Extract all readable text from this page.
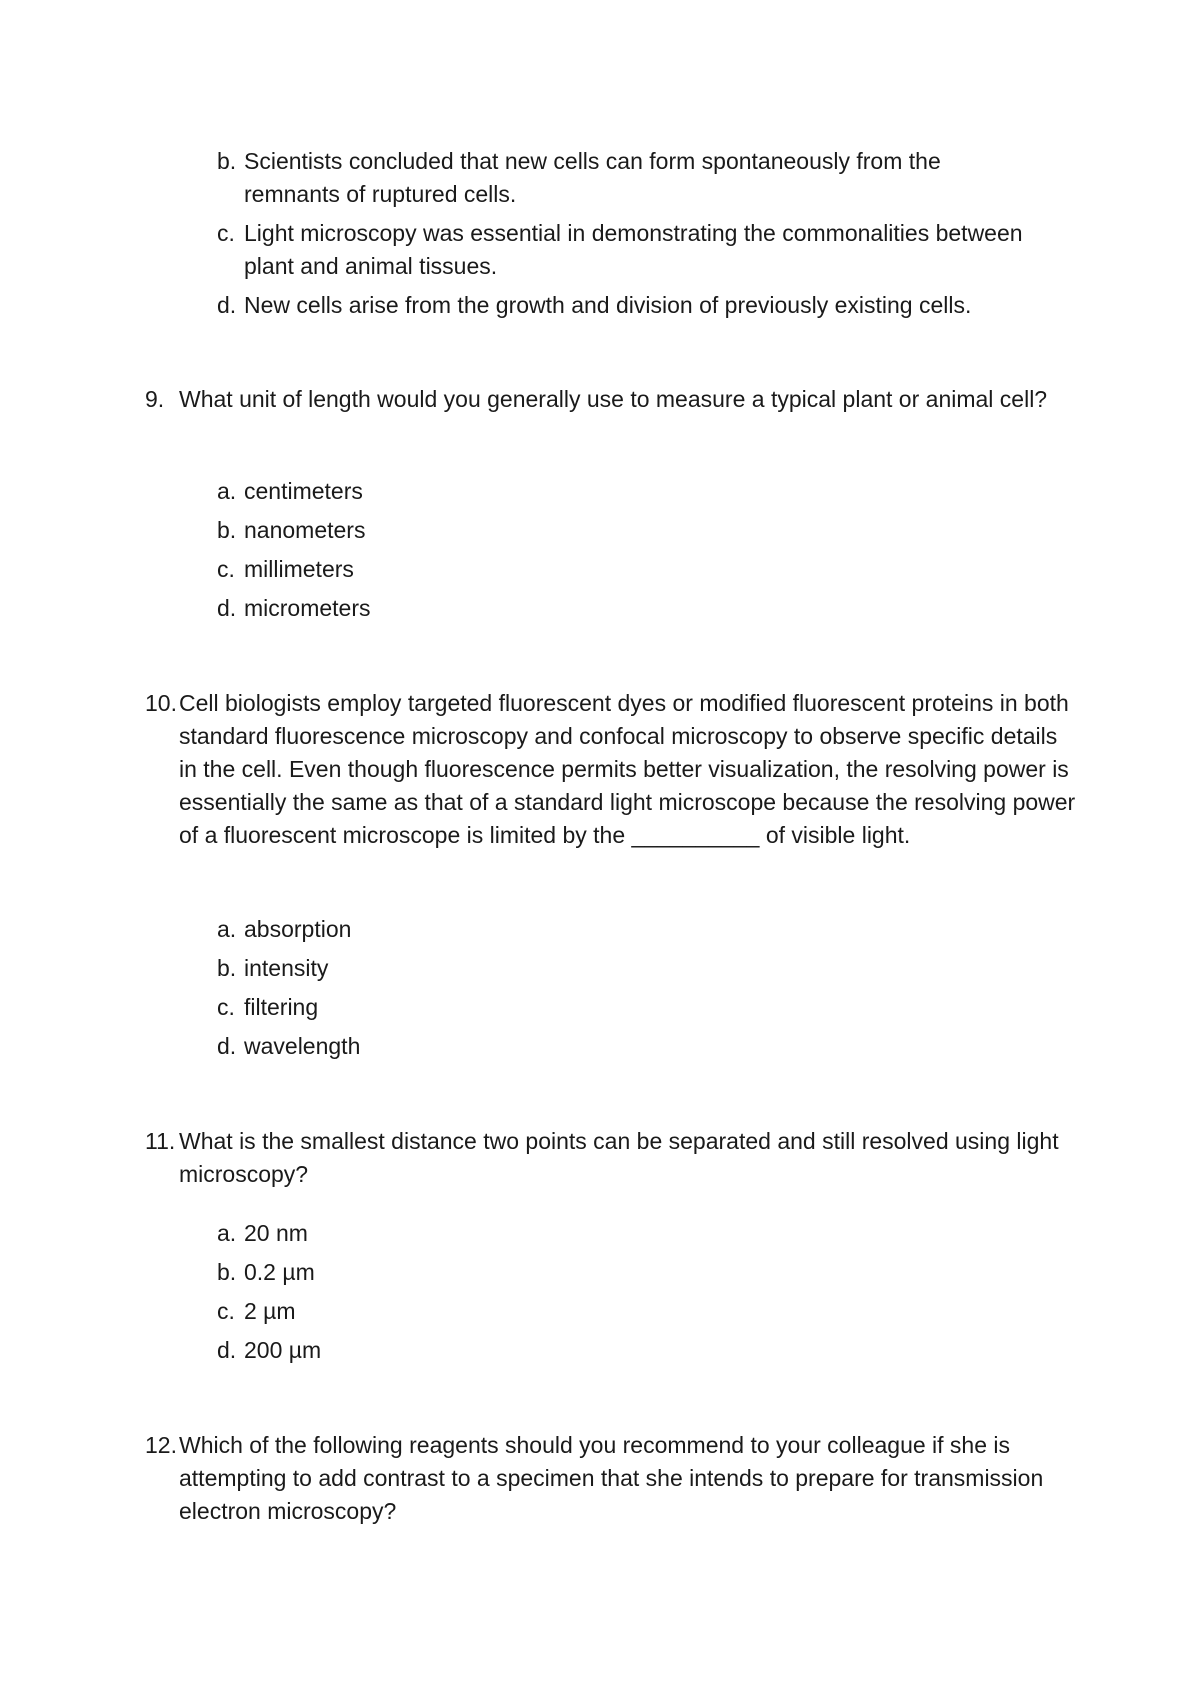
b. Scientists concluded that new cells can form spontaneously from the remnants of ruptured cells.
c. Light microscopy was essential in demonstrating the commonalities between plant and animal tissues.
d. New cells arise from the growth and division of previously existing cells.
9. What unit of length would you generally use to measure a typical plant or animal cell?
a. centimeters
b. nanometers
c. millimeters
d. micrometers
10. Cell biologists employ targeted fluorescent dyes or modified fluorescent proteins in both standard fluorescence microscopy and confocal microscopy to observe specific details in the cell. Even though fluorescence permits better visualization, the resolving power is essentially the same as that of a standard light microscope because the resolving power of a fluorescent microscope is limited by the __________ of visible light.
a. absorption
b. intensity
c. filtering
d. wavelength
11. What is the smallest distance two points can be separated and still resolved using light microscopy?
a. 20 nm
b. 0.2 µm
c. 2 µm
d. 200 µm
12. Which of the following reagents should you recommend to your colleague if she is attempting to add contrast to a specimen that she intends to prepare for transmission electron microscopy?
